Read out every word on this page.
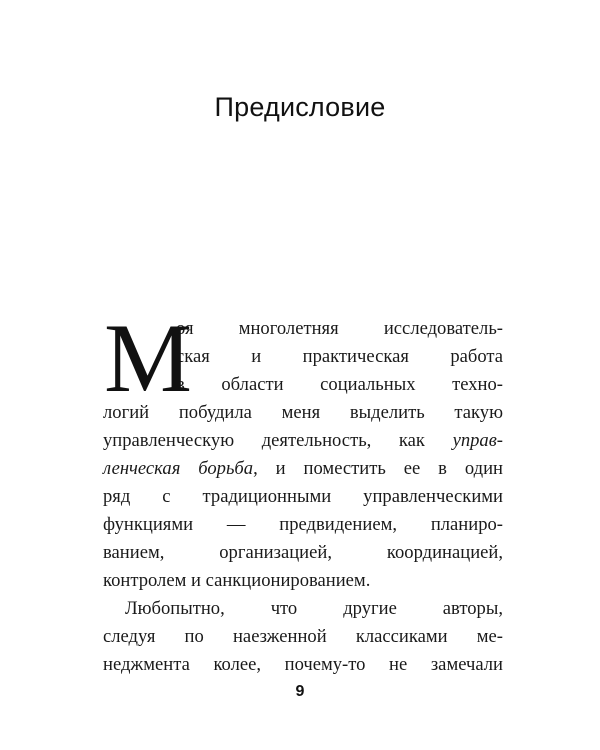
Предисловие
М
оя многолетняя исследователь-
ская и практическая работа
в области социальных техно-
логий побудила меня выделить такую
управленческую деятельность, как управ-
ленческая борьба, и поместить ее в один
ряд с традиционными управленческими
функциями — предвидением, планиро-
ванием, организацией, координацией,
контролем и санкционированием.
Любопытно, что другие авторы,
следуя по наезженной классиками ме-
неджмента колее, почему-то не замечали
9
